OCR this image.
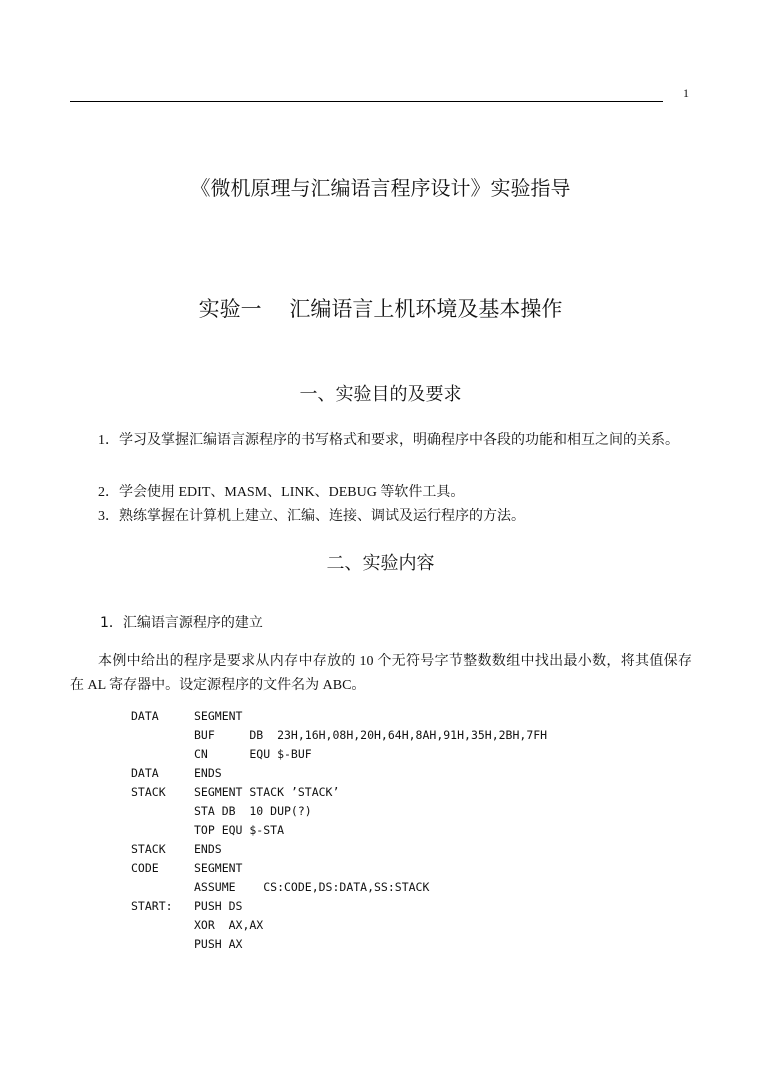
1
《微机原理与汇编语言程序设计》实验指导
实验一　 汇编语言上机环境及基本操作
一、实验目的及要求
1．学习及掌握汇编语言源程序的书写格式和要求，明确程序中各段的功能和相互之间的关系。
2．学会使用 EDIT、MASM、LINK、DEBUG 等软件工具。
3．熟练掌握在计算机上建立、汇编、连接、调试及运行程序的方法。
二、实验内容
1．汇编语言源程序的建立
本例中给出的程序是要求从内存中存放的 10 个无符号字节整数数组中找出最小数，将其值保存在 AL 寄存器中。设定源程序的文件名为 ABC。
DATA	SEGMENT
BUF     DB  23H,16H,08H,20H,64H,8AH,91H,35H,2BH,7FH
CN      EQU $-BUF
DATA	ENDS
STACK SEGMENT STACK ’STACK’
STA DB  10 DUP(?)
TOP EQU $-STA
STACK ENDS
CODE	SEGMENT
ASSUME    CS:CODE,DS:DATA,SS:STACK
START: PUSH DS
XOR  AX,AX
PUSH AX
